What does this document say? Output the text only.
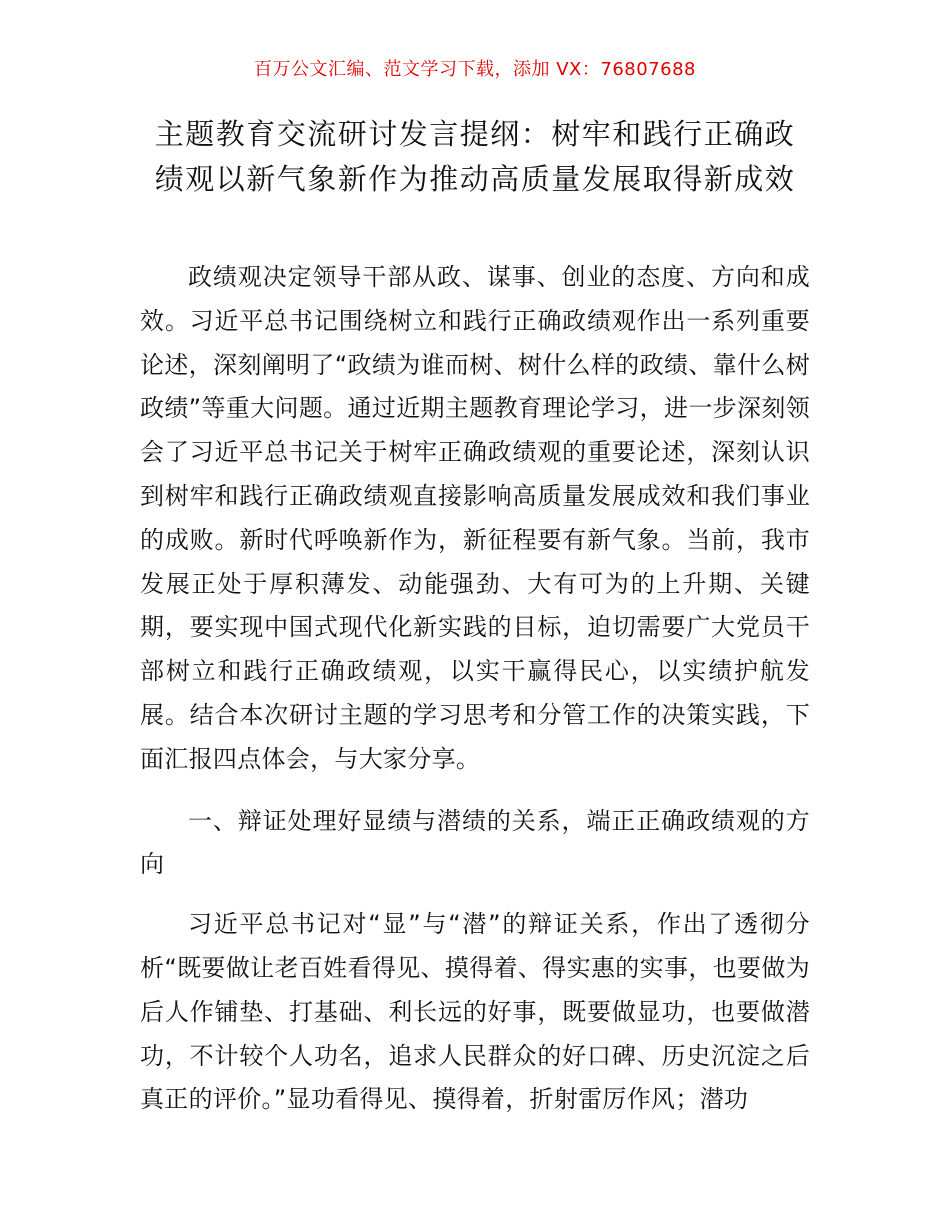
百万公文汇编、范文学习下载，添加 VX：76807688
主题教育交流研讨发言提纲：树牢和践行正确政绩观以新气象新作为推动高质量发展取得新成效

政绩观决定领导干部从政、谋事、创业的态度、方向和成效。习近平总书记围绕树立和践行正确政绩观作出一系列重要论述，深刻阐明了“政绩为谁而树、树什么样的政绩、靠什么树政绩”等重大问题。通过近期主题教育理论学习，进一步深刻领会了习近平总书记关于树牢正确政绩观的重要论述，深刻认识到树牢和践行正确政绩观直接影响高质量发展成效和我们事业的成败。新时代呼唤新作为，新征程要有新气象。当前，我市发展正处于厚积薄发、动能强劲、大有可为的上升期、关键期，要实现中国式现代化新实践的目标，迫切需要广大党员干部树立和践行正确政绩观，以实干赢得民心，以实绩护航发展。结合本次研讨主题的学习思考和分管工作的决策实践，下面汇报四点体会，与大家分享。

一、辩证处理好显绩与潜绩的关系，端正正确政绩观的方向

习近平总书记对“显”与“潜”的辩证关系，作出了透彻分析“既要做让老百姓看得见、摸得着、得实惠的实事，也要做为后人作铺垫、打基础、利长远的好事，既要做显功，也要做潜功，不计较个人功名，追求人民群众的好口碑、历史沉淀之后真正的评价。”显功看得见、摸得着，折射雷厉作风；潜功
